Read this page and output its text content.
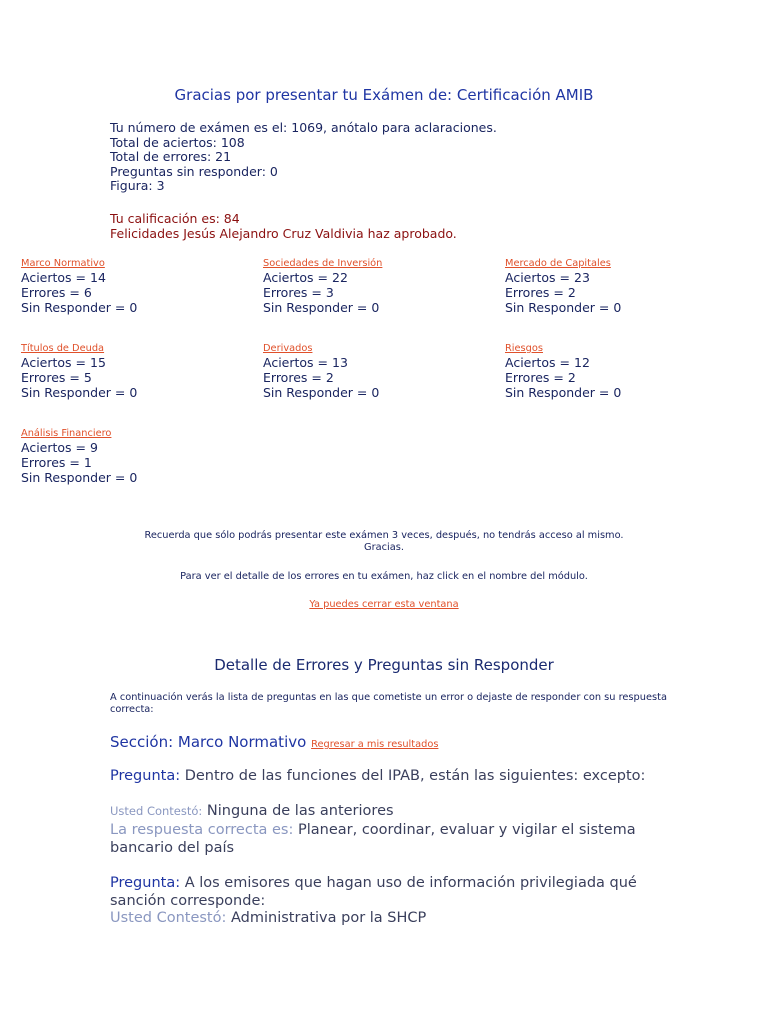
Gracias por presentar tu Exámen de: Certificación AMIB
Tu número de exámen es el: 1069, anótalo para aclaraciones.
Total de aciertos: 108
Total de errores: 21
Preguntas sin responder: 0
Figura: 3
Tu calificación es: 84
Felicidades Jesús Alejandro Cruz Valdivia haz aprobado.
Marco Normativo
Aciertos = 14
Errores = 6
Sin Responder = 0
Sociedades de Inversión
Aciertos = 22
Errores = 3
Sin Responder = 0
Mercado de Capitales
Aciertos = 23
Errores = 2
Sin Responder = 0
Títulos de Deuda
Aciertos = 15
Errores = 5
Sin Responder = 0
Derivados
Aciertos = 13
Errores = 2
Sin Responder = 0
Riesgos
Aciertos = 12
Errores = 2
Sin Responder = 0
Análisis Financiero
Aciertos = 9
Errores = 1
Sin Responder = 0
Recuerda que sólo podrás presentar este exámen 3 veces, después, no tendrás acceso al mismo.
Gracias.
Para ver el detalle de los errores en tu exámen, haz click en el nombre del módulo.
Ya puedes cerrar esta ventana
Detalle de Errores y Preguntas sin Responder
A continuación verás la lista de preguntas en las que cometiste un error o dejaste de responder con su respuesta correcta:
Sección: Marco Normativo Regresar a mis resultados
Pregunta: Dentro de las funciones del IPAB, están las siguientes: excepto:
Usted Contestó: Ninguna de las anteriores
La respuesta correcta es: Planear, coordinar, evaluar y vigilar el sistema bancario del país
Pregunta: A los emisores que hagan uso de información privilegiada qué sanción corresponde:
Usted Contestó: Administrativa por la SHCP
